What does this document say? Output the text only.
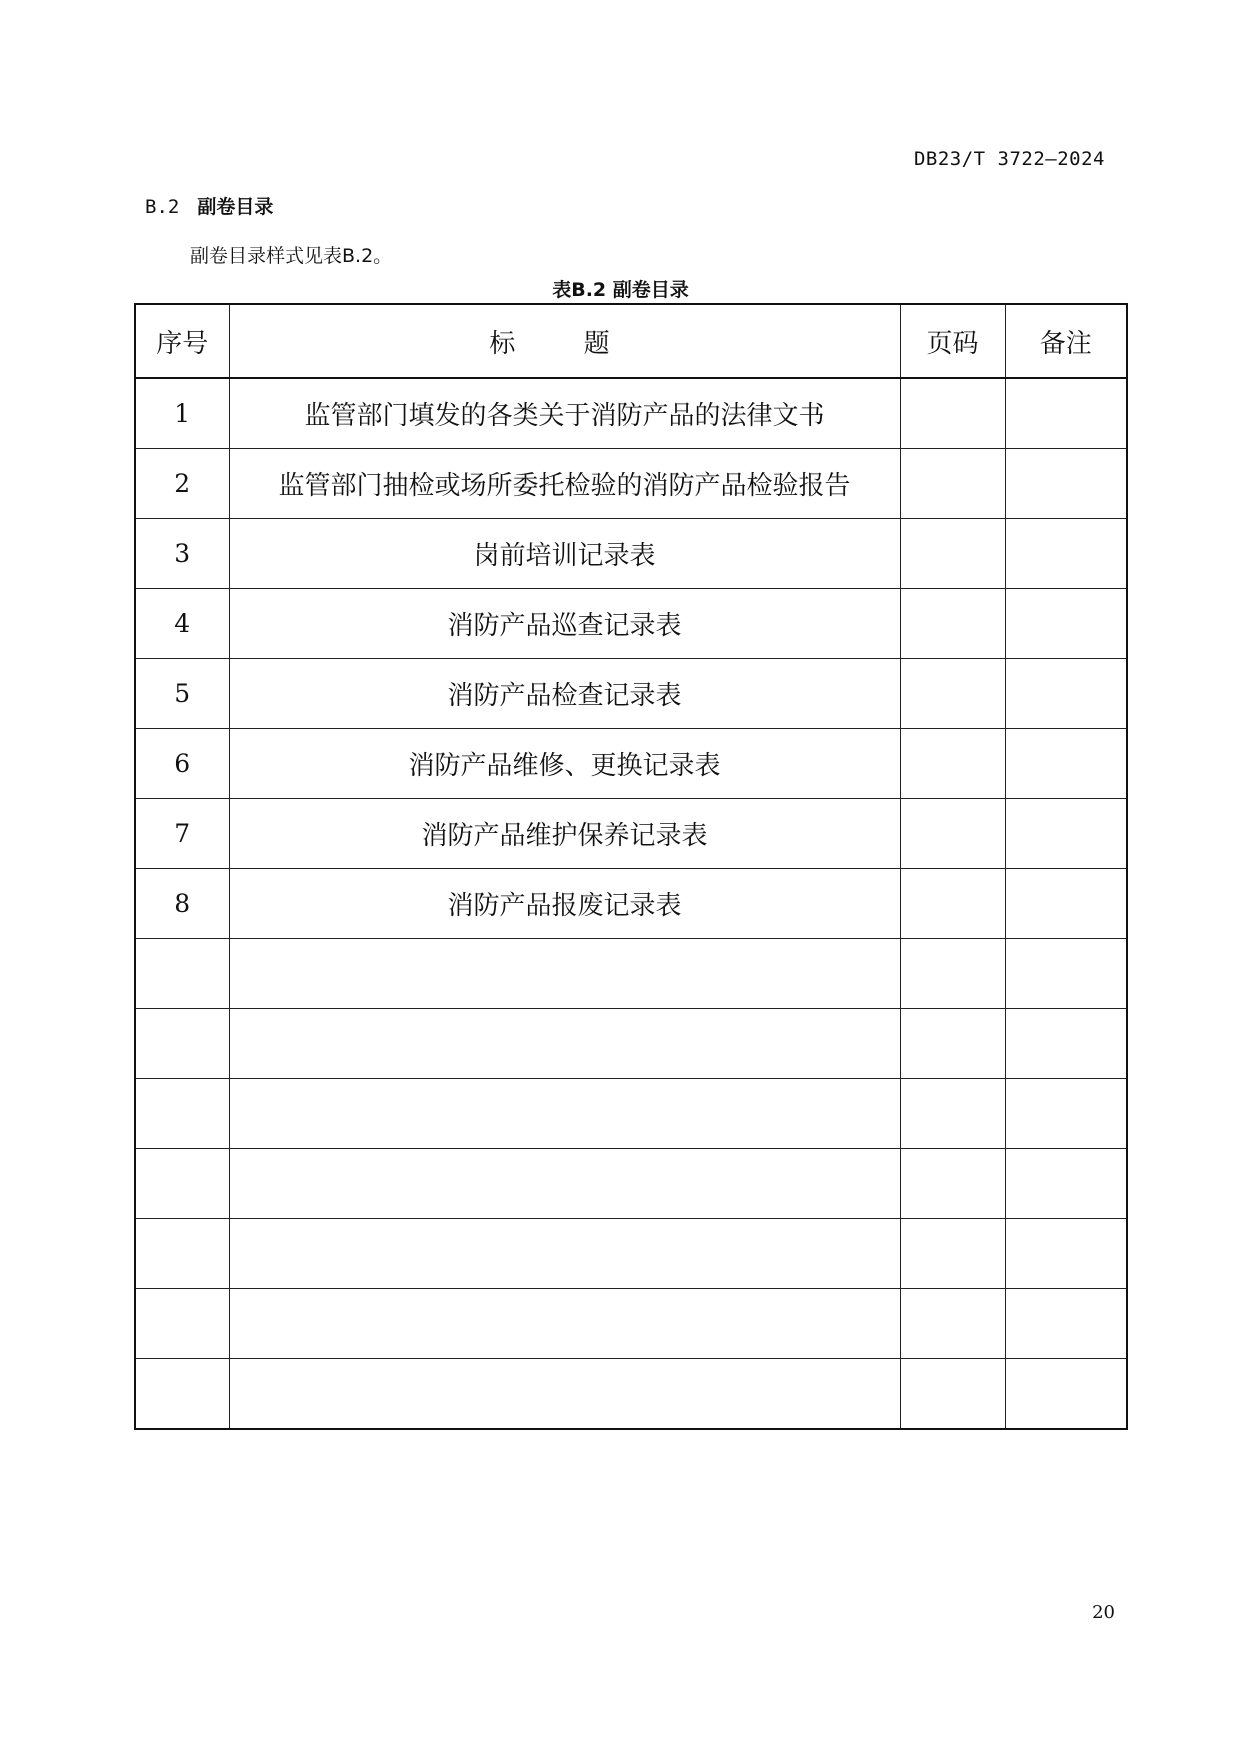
DB23/T 3722—2024
B.2 副卷目录
副卷目录样式见表B.2。
表B.2 副卷目录
序号	标 题	页码	备注
1	监管部门填发的各类关于消防产品的法律文书		
2	监管部门抽检或场所委托检验的消防产品检验报告		
3	岗前培训记录表		
4	消防产品巡查记录表		
5	消防产品检查记录表		
6	消防产品维修、更换记录表		
7	消防产品维护保养记录表		
8	消防产品报废记录表		

20
